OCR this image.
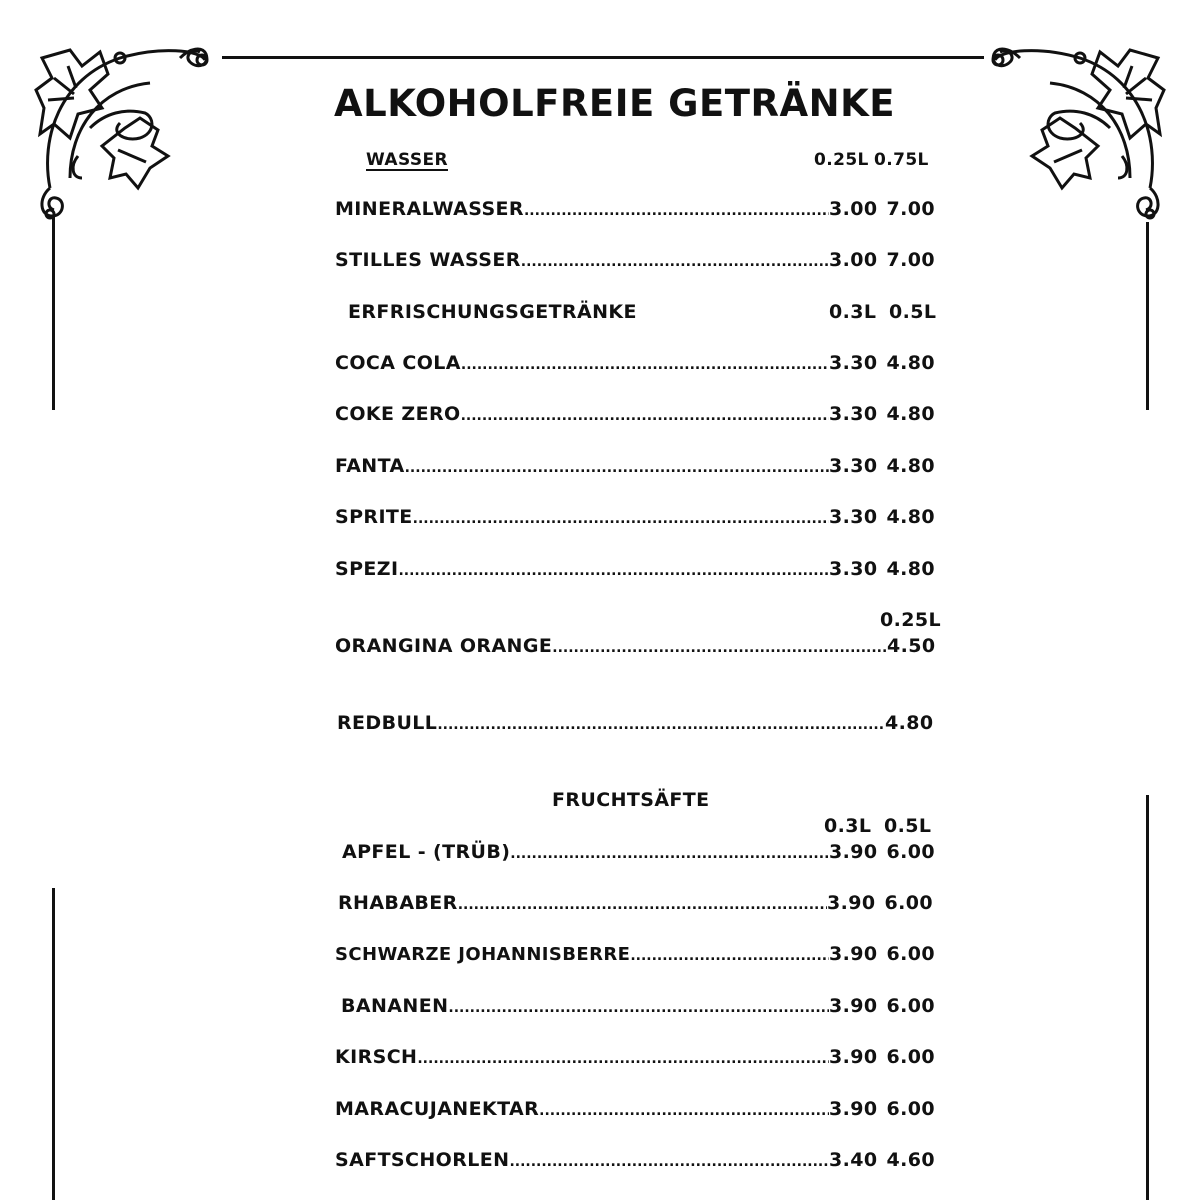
ALKOHOLFREIE GETRÄNKE
WASSER	0.25L 0.75L
MINERALWASSER .....	3.00 7.00
STILLES WASSER .....	3.00 7.00
ERFRISCHUNGSGETRÄNKE	0.3L 0.5L
COCA COLA .....	3.30 4.80
COKE ZERO .....	3.30 4.80
FANTA .....	3.30 4.80
SPRITE .....	3.30 4.80
SPEZI .....	3.30 4.80
0.25L
ORANGINA ORANGE .....	4.50
REDBULL .....	4.80
FRUCHTSÄFTE
0.3L 0.5L
APFEL - (TRÜB) .....	3.90 6.00
RHABABER .....	3.90 6.00
SCHWARZE JOHANNISBERRE .....	3.90 6.00
BANANEN .....	3.90 6.00
KIRSCH .....	3.90 6.00
MARACUJANEKTAR .....	3.90 6.00
SAFTSCHORLEN .....	3.40 4.60
